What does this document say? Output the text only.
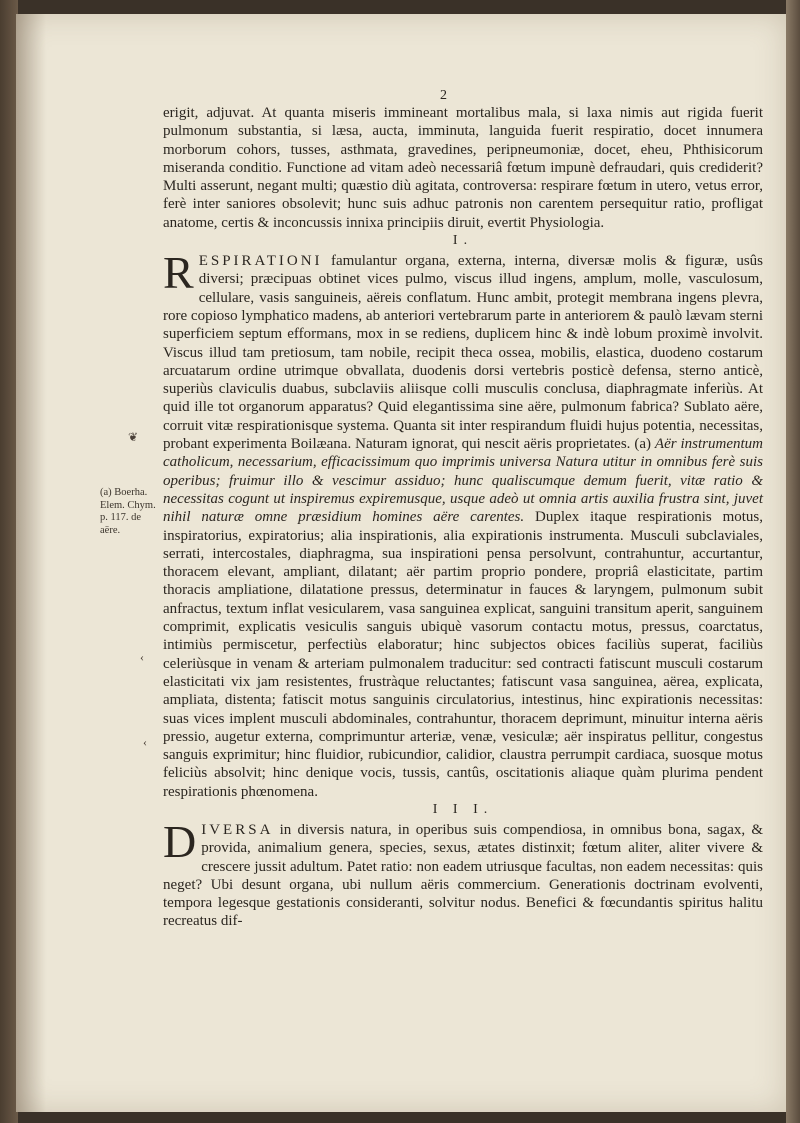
2
❦
‹
‹
(a) Boerha. Elem. Chym. p. 117. de aëre.

erigit, adjuvat. At quanta miseris immineant mortalibus mala, si laxa nimis aut rigida fuerit pulmonum substantia, si læsa, aucta, imminuta, languida fuerit respiratio, docet innumera morborum cohors, tusses, asthmata, gravedines, peripneumoniæ, docet, eheu, Phthisicorum miseranda conditio. Functione ad vitam adeò necessariâ fœtum impunè defraudari, quis crediderit? Multi asserunt, negant multi; quæstio diù agitata, controversa: respirare fœtum in utero, vetus error, ferè inter saniores obsolevit; hunc suis adhuc patronis non carentem persequitur ratio, profligat anatome, certis & inconcussis innixa principiis diruit, evertit Physiologia.

I.

RESPIRATIONI famulantur organa, externa, interna, diversæ molis & figuræ, usûs diversi; præcipuas obtinet vices pulmo, viscus illud ingens, amplum, molle, vasculosum, cellulare, vasis sanguineis, aëreis conflatum. Hunc ambit, protegit membrana ingens plevra, rore copioso lymphatico madens, ab anteriori vertebrarum parte in anteriorem & paulò lævam sterni superficiem septum efformans, mox in se rediens, duplicem hinc & indè lobum proximè involvit. Viscus illud tam pretiosum, tam nobile, recipit theca ossea, mobilis, elastica, duodeno costarum arcuatarum ordine utrimque obvallata, duodenis dorsi vertebris posticè defensa, sterno anticè, superiùs claviculis duabus, subclaviis aliisque colli musculis conclusa, diaphragmate inferiùs. At quid ille tot organorum apparatus? Quid elegantissima sine aëre, pulmonum fabrica? Sublato aëre, corruit vitæ respirationisque systema. Quanta sit inter respirandum fluidi hujus potentia, necessitas, probant experimenta Boilæana. Naturam ignorat, qui nescit aëris proprietates. (a) Aër instrumentum catholicum, necessarium, efficacissimum quo imprimis universa Natura utitur in omnibus ferè suis operibus; fruimur illo & vescimur assiduo; hunc qualiscumque demum fuerit, vitæ ratio & necessitas cogunt ut inspiremus expiremusque, usque adeò ut omnia artis auxilia frustra sint, juvet nihil naturæ omne præsidium homines aëre carentes. Duplex itaque respirationis motus, inspiratorius, expiratorius; alia inspirationis, alia expirationis instrumenta. Musculi subclaviales, serrati, intercostales, diaphragma, sua inspirationi pensa persolvunt, contrahuntur, accurtantur, thoracem elevant, ampliant, dilatant; aër partim proprio pondere, propriâ elasticitate, partim thoracis ampliatione, dilatatione pressus, determinatur in fauces & laryngem, pulmonum subit anfractus, textum inflat vesicularem, vasa sanguinea explicat, sanguini transitum aperit, sanguinem comprimit, explicatis vesiculis sanguis ubiquè vasorum contactu motus, pressus, coarctatus, intimiùs permiscetur, perfectiùs elaboratur; hinc subjectos obices faciliùs superat, faciliùs celeriùsque in venam & arteriam pulmonalem traducitur: sed contracti fatiscunt musculi costarum elasticitati vix jam resistentes, frustràque reluctantes; fatiscunt vasa sanguinea, aërea, explicata, ampliata, distenta; fatiscit motus sanguinis circulatorius, intestinus, hinc expirationis necessitas: suas vices implent musculi abdominales, contrahuntur, thoracem deprimunt, minuitur interna aëris pressio, augetur externa, comprimuntur arteriæ, venæ, vesiculæ; aër inspiratus pellitur, congestus sanguis exprimitur; hinc fluidior, rubicundior, calidior, claustra perrumpit cardiaca, suosque motus feliciùs absolvit; hinc denique vocis, tussis, cantûs, oscitationis aliaque quàm plurima pendent respirationis phœnomena.

I I I.

DIVERSA in diversis natura, in operibus suis compendiosa, in omnibus bona, sagax, & provida, animalium genera, species, sexus, ætates distinxit; fœtum aliter, aliter vivere & crescere jussit adultum. Patet ratio: non eadem utriusque facultas, non eadem necessitas: quis neget? Ubi desunt organa, ubi nullum aëris commercium. Generationis doctrinam evolventi, tempora legesque gestationis consideranti, solvitur nodus. Benefici & fœcundantis spiritus halitu recreatus dif-
